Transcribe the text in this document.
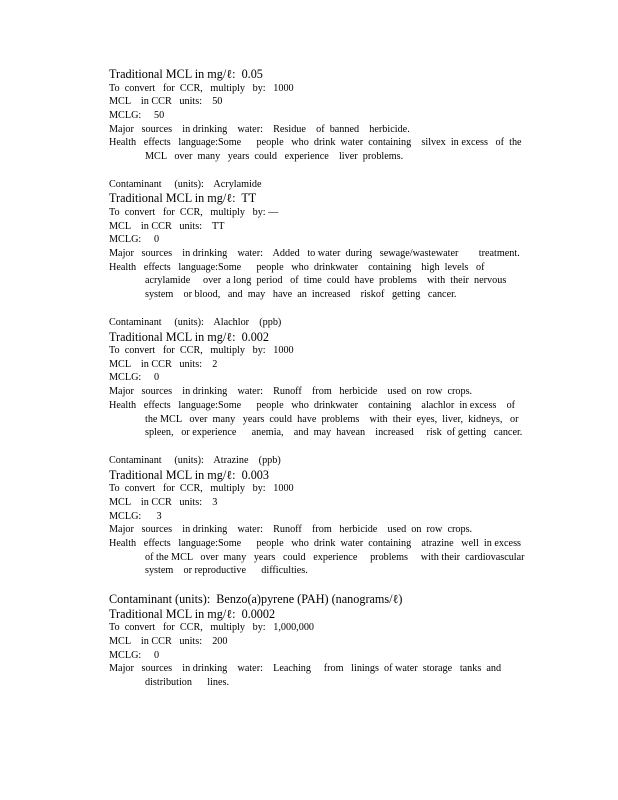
Traditional MCL in mg/ℓ:  0.05
To  convert   for  CCR,   multiply   by:   1000
MCL    in CCR   units:    50
MCLG:     50
Major   sources    in drinking    water:    Residue    of  banned    herbicide.
Health   effects   language:Some      people   who  drink  water  containing    silvex  in excess   of  the
MCL   over  many   years  could   experience    liver  problems.
Contaminant     (units):    Acrylamide
Traditional MCL in mg/ℓ:  TT
To  convert   for  CCR,   multiply   by: —
MCL    in CCR   units:    TT
MCLG:     0
Major   sources    in drinking    water:    Added   to water  during   sewage/wastewater        treatment.
Health   effects   language:Some      people   who  drinkwater    containing    high  levels   of
acrylamide     over  a long  period   of  time  could  have  problems    with  their  nervous
system    or blood,   and  may   have  an  increased    riskof   getting   cancer.
Contaminant     (units):    Alachlor    (ppb)
Traditional MCL in mg/ℓ:  0.002
To  convert   for  CCR,   multiply   by:   1000
MCL    in CCR   units:    2
MCLG:     0
Major   sources    in drinking    water:    Runoff    from   herbicide    used  on  row  crops.
Health   effects   language:Some      people   who  drinkwater    containing    alachlor  in excess    of
the MCL   over  many   years  could  have  problems    with  their  eyes,  liver,  kidneys,   or
spleen,   or experience      anemia,    and  may  havean    increased     risk  of getting   cancer.
Contaminant     (units):    Atrazine    (ppb)
Traditional MCL in mg/ℓ:  0.003
To  convert   for  CCR,   multiply   by:   1000
MCL    in CCR   units:    3
MCLG:      3
Major   sources    in drinking    water:    Runoff    from   herbicide    used  on  row  crops.
Health   effects   language:Some      people   who  drink  water  containing    atrazine   well  in excess
of the MCL   over  many   years   could   experience     problems     with their  cardiovascular
system    or reproductive      difficulties.
Contaminant (units):  Benzo(a)pyrene (PAH) (nanograms/ℓ)
Traditional MCL in mg/ℓ:  0.0002
To  convert   for  CCR,   multiply   by:   1,000,000
MCL    in CCR   units:    200
MCLG:     0
Major   sources    in drinking    water:    Leaching     from   linings  of water  storage   tanks  and
distribution      lines.
